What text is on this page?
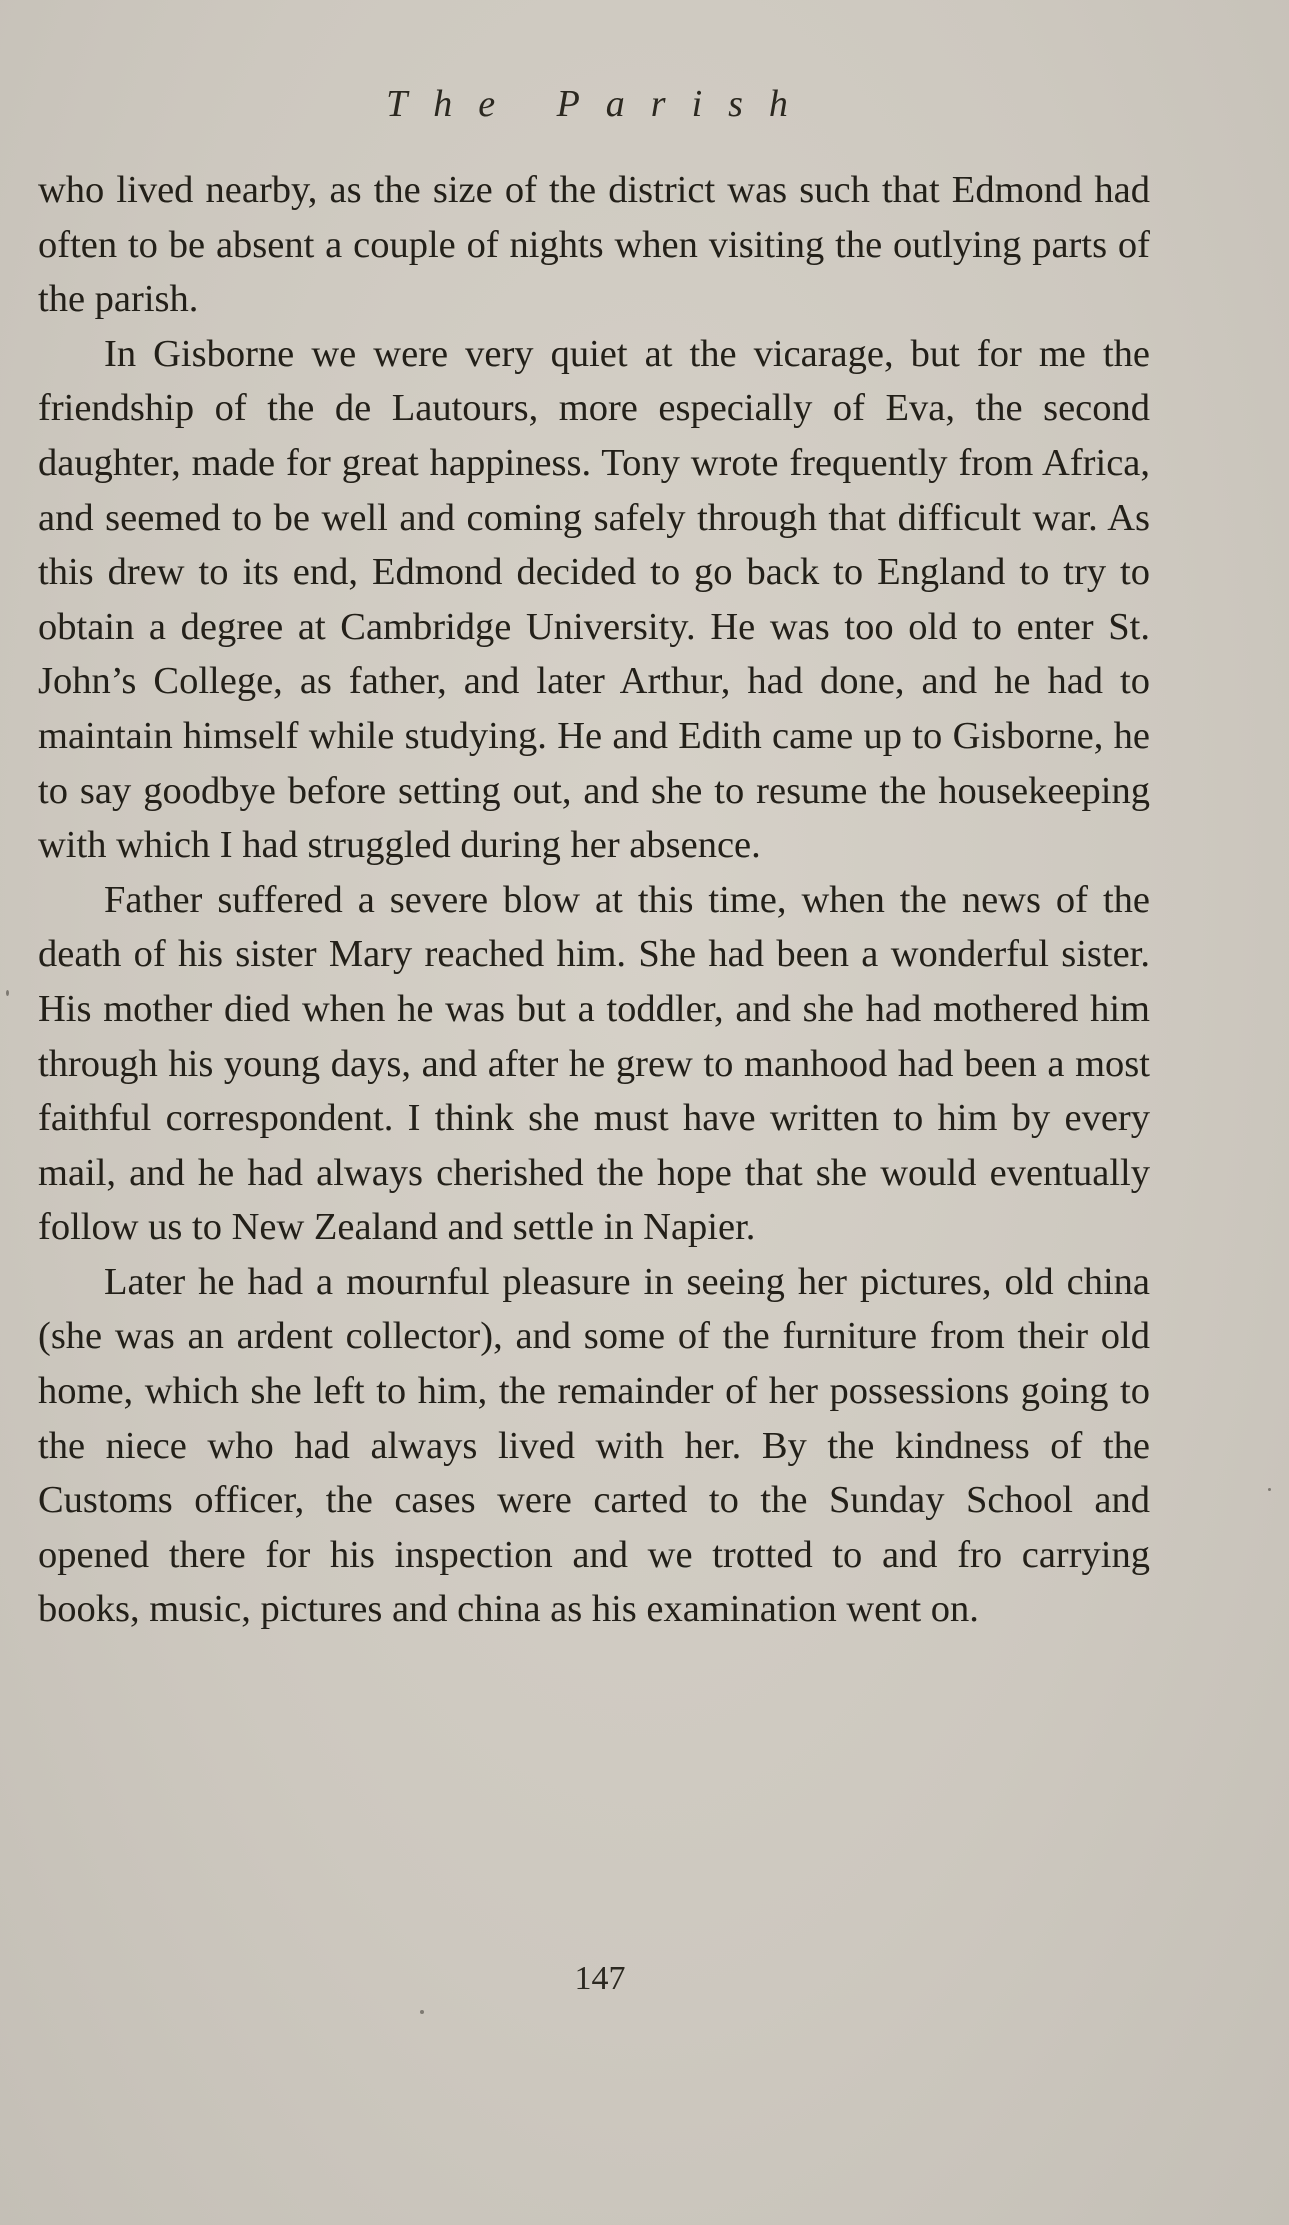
The Parish

who lived nearby, as the size of the district was such that Edmond had often to be absent a couple of nights when visiting the outlying parts of the parish.

In Gisborne we were very quiet at the vicarage, but for me the friendship of the de Lautours, more especially of Eva, the second daughter, made for great happiness. Tony wrote frequently from Africa, and seemed to be well and coming safely through that difficult war. As this drew to its end, Edmond decided to go back to England to try to obtain a degree at Cambridge University. He was too old to enter St. John’s College, as father, and later Arthur, had done, and he had to maintain himself while studying. He and Edith came up to Gisborne, he to say goodbye before setting out, and she to resume the housekeeping with which I had struggled during her absence.

Father suffered a severe blow at this time, when the news of the death of his sister Mary reached him. She had been a wonderful sister. His mother died when he was but a toddler, and she had mothered him through his young days, and after he grew to manhood had been a most faithful correspondent. I think she must have written to him by every mail, and he had always cherished the hope that she would eventually follow us to New Zealand and settle in Napier.

Later he had a mournful pleasure in seeing her pictures, old china (she was an ardent collector), and some of the furniture from their old home, which she left to him, the remainder of her possessions going to the niece who had always lived with her. By the kindness of the Customs officer, the cases were carted to the Sunday School and opened there for his inspection and we trotted to and fro carrying books, music, pictures and china as his examination went on.

147
